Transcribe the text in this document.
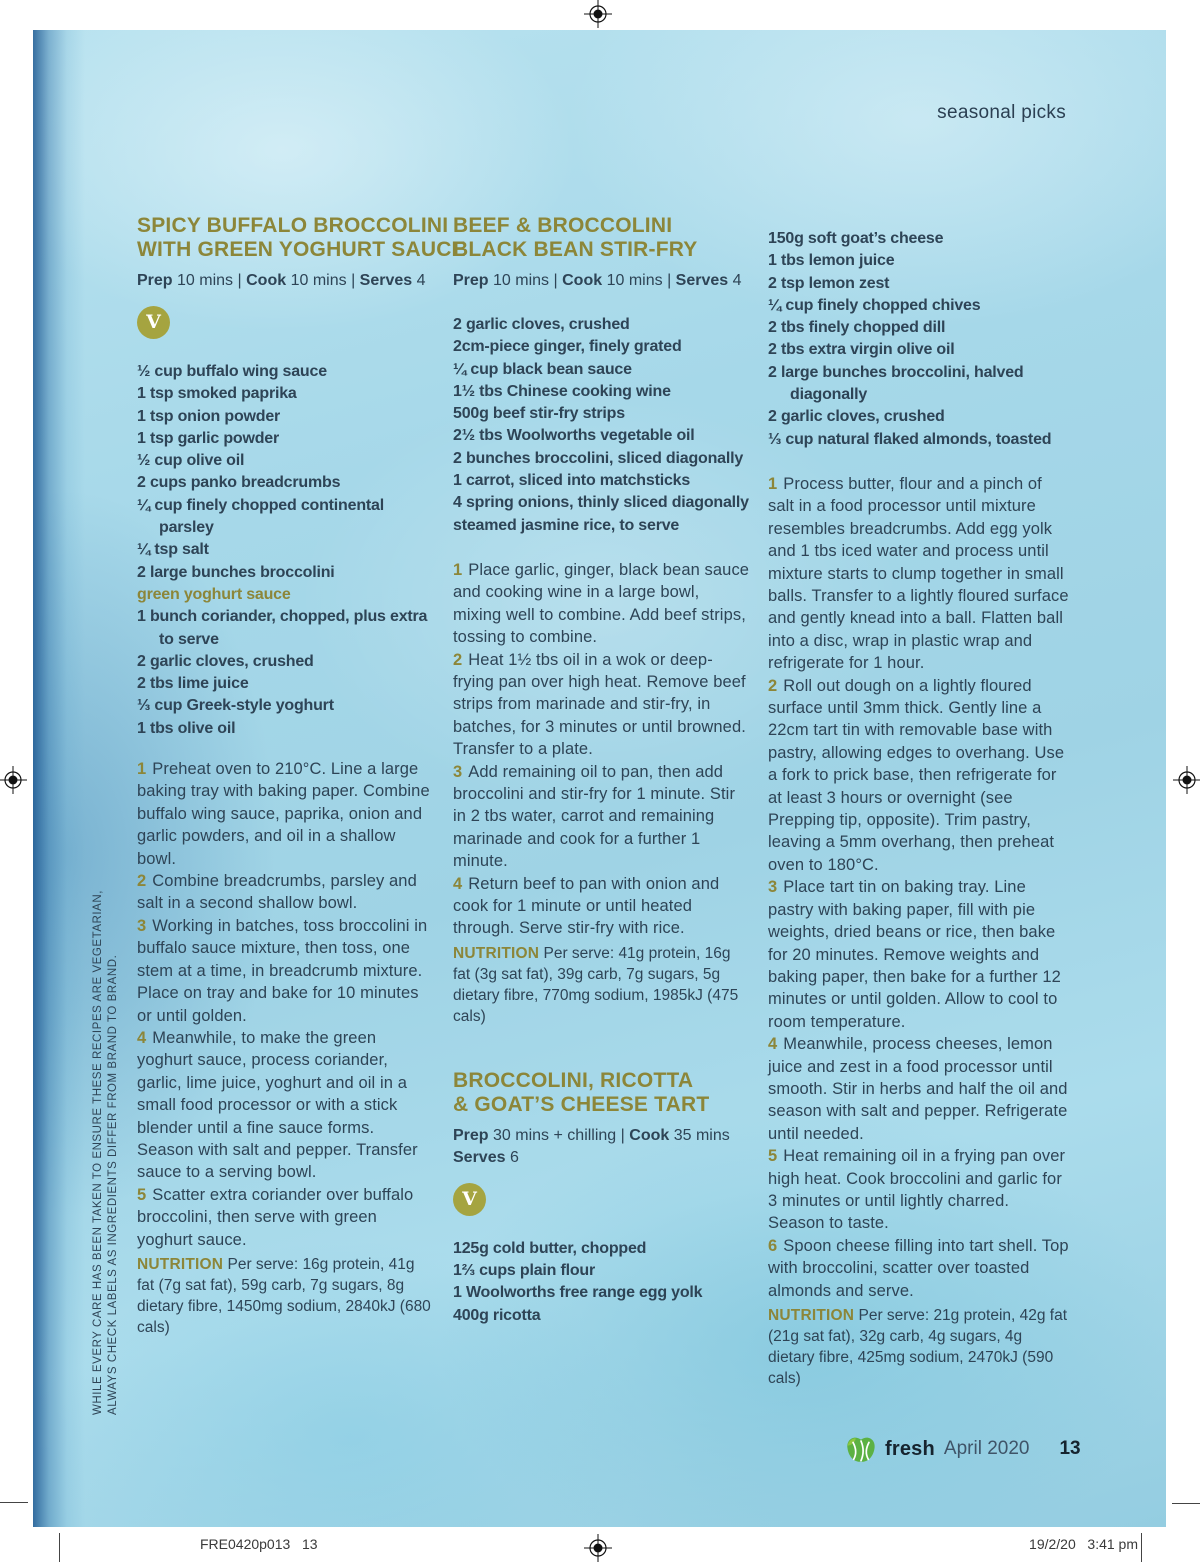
seasonal picks
SPICY BUFFALO BROCCOLINI
WITH GREEN YOGHURT SAUCE
Prep 10 mins | Cook 10 mins | Serves 4
V
½ cup buffalo wing sauce
1 tsp smoked paprika
1 tsp onion powder
1 tsp garlic powder
½ cup olive oil
2 cups panko breadcrumbs
¼ cup finely chopped continental parsley
¼ tsp salt
2 large bunches broccolini
green yoghurt sauce
1 bunch coriander, chopped, plus extra to serve
2 garlic cloves, crushed
2 tbs lime juice
⅓ cup Greek-style yoghurt
1 tbs olive oil
1 Preheat oven to 210°C. Line a large baking tray with baking paper. Combine buffalo wing sauce, paprika, onion and garlic powders, and oil in a shallow bowl.
2 Combine breadcrumbs, parsley and salt in a second shallow bowl.
3 Working in batches, toss broccolini in buffalo sauce mixture, then toss, one stem at a time, in breadcrumb mixture. Place on tray and bake for 10 minutes or until golden.
4 Meanwhile, to make the green yoghurt sauce, process coriander, garlic, lime juice, yoghurt and oil in a small food processor or with a stick blender until a fine sauce forms. Season with salt and pepper. Transfer sauce to a serving bowl.
5 Scatter extra coriander over buffalo broccolini, then serve with green yoghurt sauce.
NUTRITION Per serve: 16g protein, 41g fat (7g sat fat), 59g carb, 7g sugars, 8g dietary fibre, 1450mg sodium, 2840kJ (680 cals)
BEEF & BROCCOLINI
BLACK BEAN STIR-FRY
Prep 10 mins | Cook 10 mins | Serves 4
2 garlic cloves, crushed
2cm-piece ginger, finely grated
¼ cup black bean sauce
1½ tbs Chinese cooking wine
500g beef stir-fry strips
2½ tbs Woolworths vegetable oil
2 bunches broccolini, sliced diagonally
1 carrot, sliced into matchsticks
4 spring onions, thinly sliced diagonally
steamed jasmine rice, to serve
1 Place garlic, ginger, black bean sauce and cooking wine in a large bowl, mixing well to combine. Add beef strips, tossing to combine.
2 Heat 1½ tbs oil in a wok or deep-frying pan over high heat. Remove beef strips from marinade and stir-fry, in batches, for 3 minutes or until browned. Transfer to a plate.
3 Add remaining oil to pan, then add broccolini and stir-fry for 1 minute. Stir in 2 tbs water, carrot and remaining marinade and cook for a further 1 minute.
4 Return beef to pan with onion and cook for 1 minute or until heated through. Serve stir-fry with rice.
NUTRITION Per serve: 41g protein, 16g fat (3g sat fat), 39g carb, 7g sugars, 5g dietary fibre, 770mg sodium, 1985kJ (475 cals)
BROCCOLINI, RICOTTA
& GOAT’S CHEESE TART
Prep 30 mins + chilling | Cook 35 mins
Serves 6
V
125g cold butter, chopped
1⅔ cups plain flour
1 Woolworths free range egg yolk
400g ricotta
150g soft goat’s cheese
1 tbs lemon juice
2 tsp lemon zest
¼ cup finely chopped chives
2 tbs finely chopped dill
2 tbs extra virgin olive oil
2 large bunches broccolini, halved diagonally
2 garlic cloves, crushed
⅓ cup natural flaked almonds, toasted
1 Process butter, flour and a pinch of salt in a food processor until mixture resembles breadcrumbs. Add egg yolk and 1 tbs iced water and process until mixture starts to clump together in small balls. Transfer to a lightly floured surface and gently knead into a ball. Flatten ball into a disc, wrap in plastic wrap and refrigerate for 1 hour.
2 Roll out dough on a lightly floured surface until 3mm thick. Gently line a 22cm tart tin with removable base with pastry, allowing edges to overhang. Use a fork to prick base, then refrigerate for at least 3 hours or overnight (see Prepping tip, opposite). Trim pastry, leaving a 5mm overhang, then preheat oven to 180°C.
3 Place tart tin on baking tray. Line pastry with baking paper, fill with pie weights, dried beans or rice, then bake for 20 minutes. Remove weights and baking paper, then bake for a further 12 minutes or until golden. Allow to cool to room temperature.
4 Meanwhile, process cheeses, lemon juice and zest in a food processor until smooth. Stir in herbs and half the oil and season with salt and pepper. Refrigerate until needed.
5 Heat remaining oil in a frying pan over high heat. Cook broccolini and garlic for 3 minutes or until lightly charred. Season to taste.
6 Spoon cheese filling into tart shell. Top with broccolini, scatter over toasted almonds and serve.
NUTRITION Per serve: 21g protein, 42g fat (21g sat fat), 32g carb, 4g sugars, 4g dietary fibre, 425mg sodium, 2470kJ (590 cals)
WHILE EVERY CARE HAS BEEN TAKEN TO ENSURE THESE RECIPES ARE VEGETARIAN, ALWAYS CHECK LABELS AS INGREDIENTS DIFFER FROM BRAND TO BRAND.
fresh April 2020 13
FRE0420p013   13	19/2/20   3:41 pm
